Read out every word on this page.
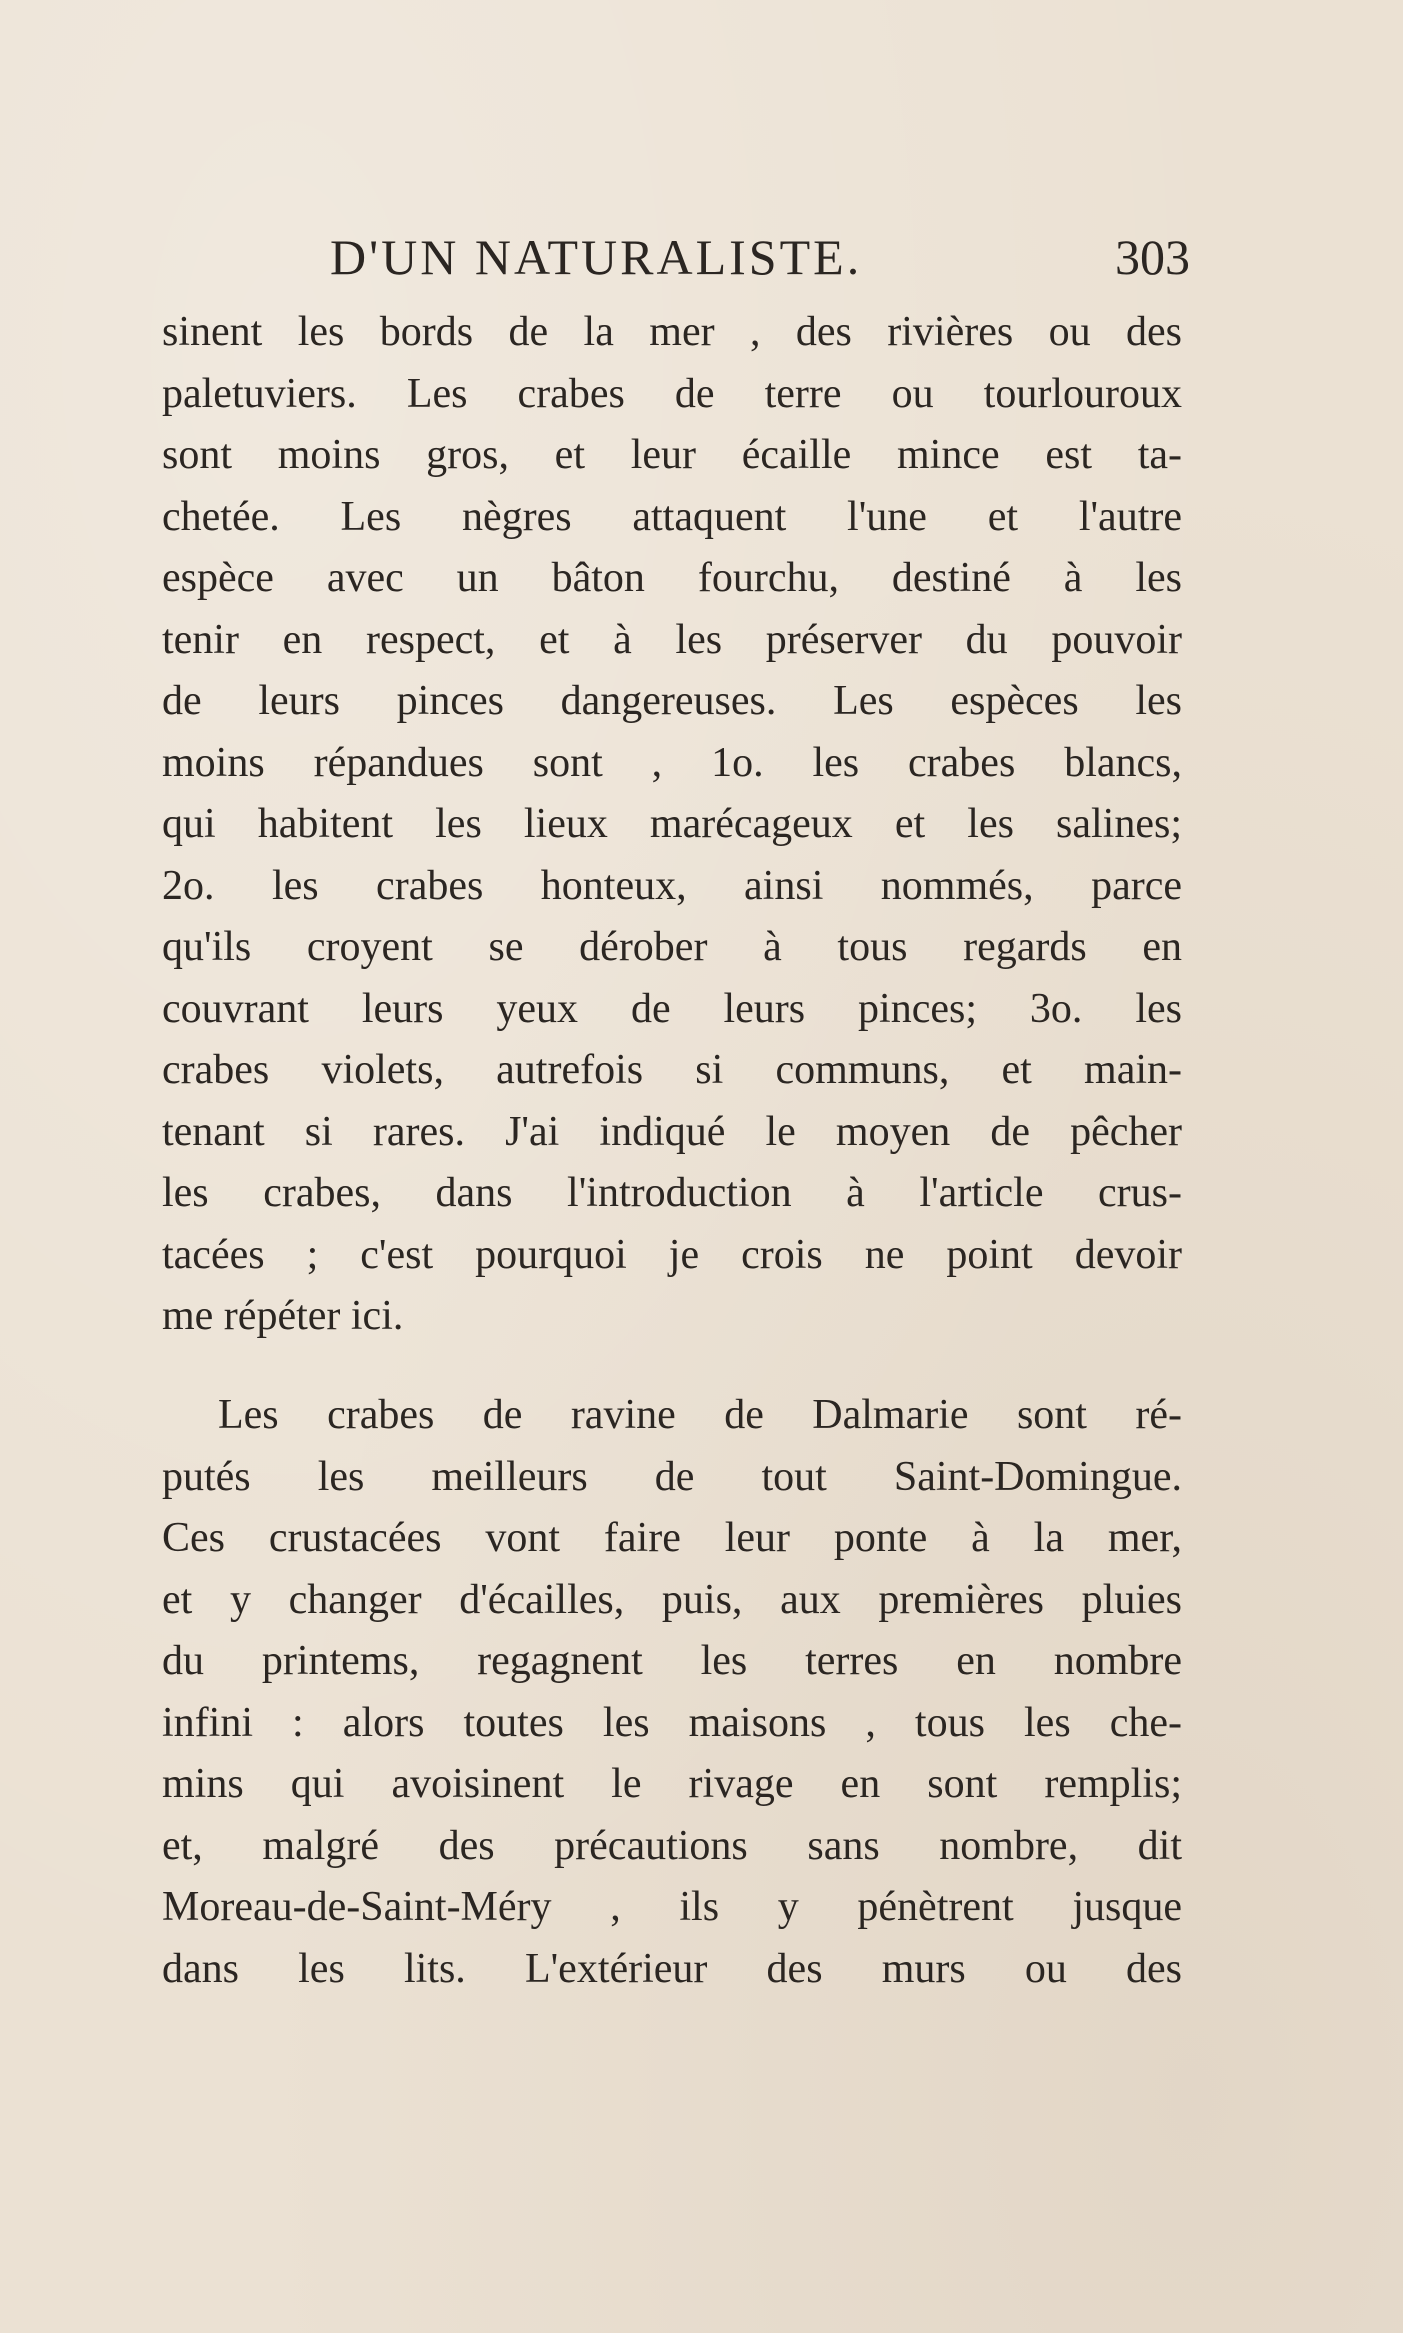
D'UN NATURALISTE.	303
sinent les bords de la mer , des rivières ou des
paletuviers. Les crabes de terre ou tourlouroux
sont moins gros, et leur écaille mince est ta-
chetée. Les nègres attaquent l'une et l'autre
espèce avec un bâton fourchu, destiné à les
tenir en respect, et à les préserver du pouvoir
de leurs pinces dangereuses. Les espèces les
moins répandues sont , 1o. les crabes blancs,
qui habitent les lieux marécageux et les salines;
2o. les crabes honteux, ainsi nommés, parce
qu'ils croyent se dérober à tous regards en
couvrant leurs yeux de leurs pinces; 3o. les
crabes violets, autrefois si communs, et main-
tenant si rares. J'ai indiqué le moyen de pêcher
les crabes, dans l'introduction à l'article crus-
tacées ; c'est pourquoi je crois ne point devoir
me répéter ici.
Les crabes de ravine de Dalmarie sont ré-
putés les meilleurs de tout Saint-Domingue.
Ces crustacées vont faire leur ponte à la mer,
et y changer d'écailles, puis, aux premières pluies
du printems, regagnent les terres en nombre
infini : alors toutes les maisons , tous les che-
mins qui avoisinent le rivage en sont remplis;
et, malgré des précautions sans nombre, dit
Moreau-de-Saint-Méry , ils y pénètrent jusque
dans les lits. L'extérieur des murs ou des
